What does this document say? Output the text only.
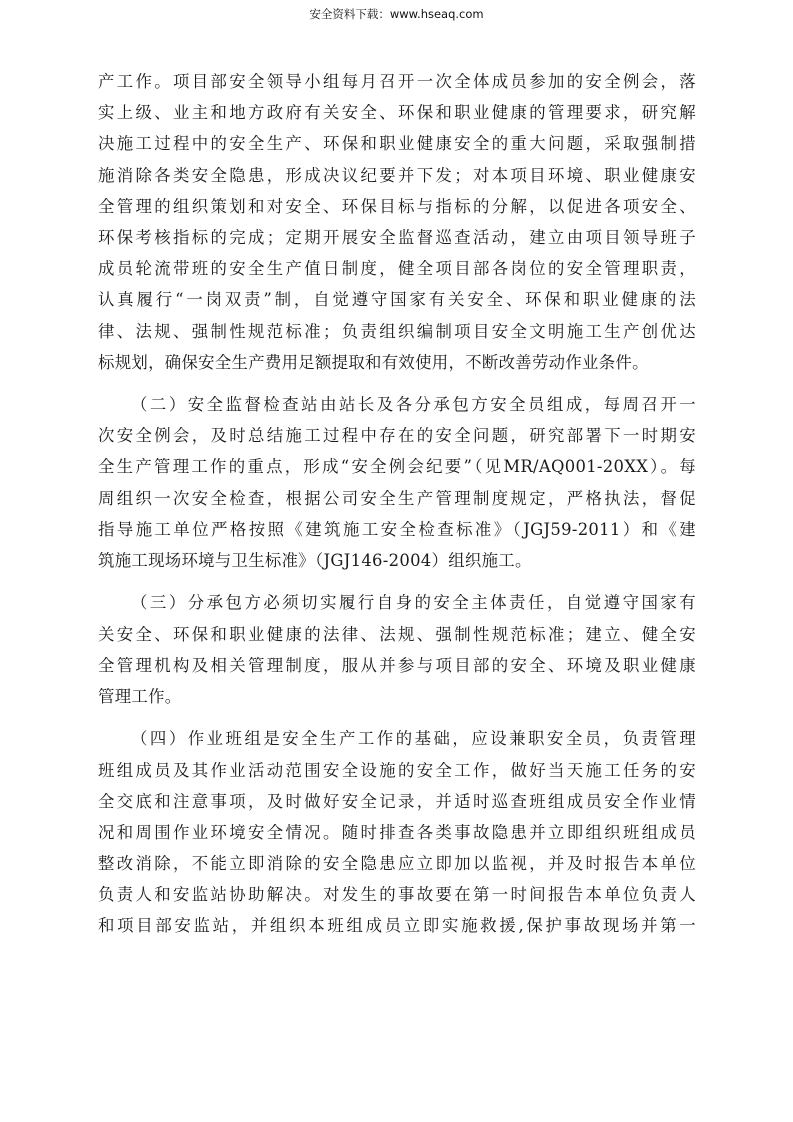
安全资料下载：www.hseaq.com
产工作。项目部安全领导小组每月召开一次全体成员参加的安全例会，落
实上级、业主和地方政府有关安全、环保和职业健康的管理要求，研究解
决施工过程中的安全生产、环保和职业健康安全的重大问题，采取强制措
施消除各类安全隐患，形成决议纪要并下发；对本项目环境、职业健康安
全管理的组织策划和对安全、环保目标与指标的分解，以促进各项安全、
环保考核指标的完成；定期开展安全监督巡查活动，建立由项目领导班子
成员轮流带班的安全生产值日制度，健全项目部各岗位的安全管理职责，
认真履行“一岗双责”制，自觉遵守国家有关安全、环保和职业健康的法
律、法规、强制性规范标准；负责组织编制项目安全文明施工生产创优达
标规划，确保安全生产费用足额提取和有效使用，不断改善劳动作业条件。
（二）安全监督检查站由站长及各分承包方安全员组成，每周召开一
次安全例会，及时总结施工过程中存在的安全问题，研究部署下一时期安
全生产管理工作的重点，形成“安全例会纪要”（见MR/AQ001-20XX）。每
周组织一次安全检查，根据公司安全生产管理制度规定，严格执法，督促
指导施工单位严格按照《建筑施工安全检查标准》（JGJ59-2011）和《建
筑施工现场环境与卫生标准》（JGJ146-2004）组织施工。
（三）分承包方必须切实履行自身的安全主体责任，自觉遵守国家有
关安全、环保和职业健康的法律、法规、强制性规范标准；建立、健全安
全管理机构及相关管理制度，服从并参与项目部的安全、环境及职业健康
管理工作。
（四）作业班组是安全生产工作的基础，应设兼职安全员，负责管理
班组成员及其作业活动范围安全设施的安全工作，做好当天施工任务的安
全交底和注意事项，及时做好安全记录，并适时巡查班组成员安全作业情
况和周围作业环境安全情况。随时排查各类事故隐患并立即组织班组成员
整改消除，不能立即消除的安全隐患应立即加以监视，并及时报告本单位
负责人和安监站协助解决。对发生的事故要在第一时间报告本单位负责人
和项目部安监站，并组织本班组成员立即实施救援,保护事故现场并第一
